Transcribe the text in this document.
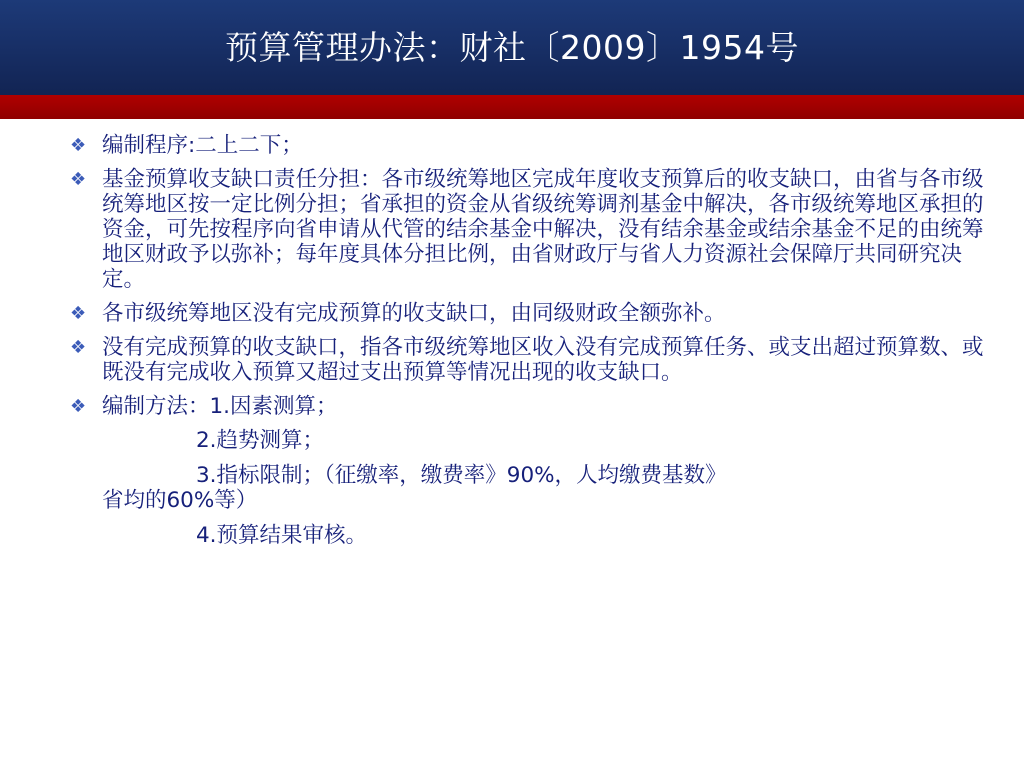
预算管理办法：财社〔2009〕1954号
❖ 编制程序:二上二下；
❖ 基金预算收支缺口责任分担：各市级统筹地区完成年度收支预算后的收支缺口，由省与各市级统筹地区按一定比例分担；省承担的资金从省级统筹调剂基金中解决，各市级统筹地区承担的资金，可先按程序向省申请从代管的结余基金中解决，没有结余基金或结余基金不足的由统筹地区财政予以弥补；每年度具体分担比例，由省财政厅与省人力资源社会保障厅共同研究决定。
❖ 各市级统筹地区没有完成预算的收支缺口，由同级财政全额弥补。
❖ 没有完成预算的收支缺口，指各市级统筹地区收入没有完成预算任务、或支出超过预算数、或既没有完成收入预算又超过支出预算等情况出现的收支缺口。
❖ 编制方法：1.因素测算；
2.趋势测算；
3.指标限制；（征缴率，缴费率》90%，人均缴费基数》
省均的60%等）
4.预算结果审核。
